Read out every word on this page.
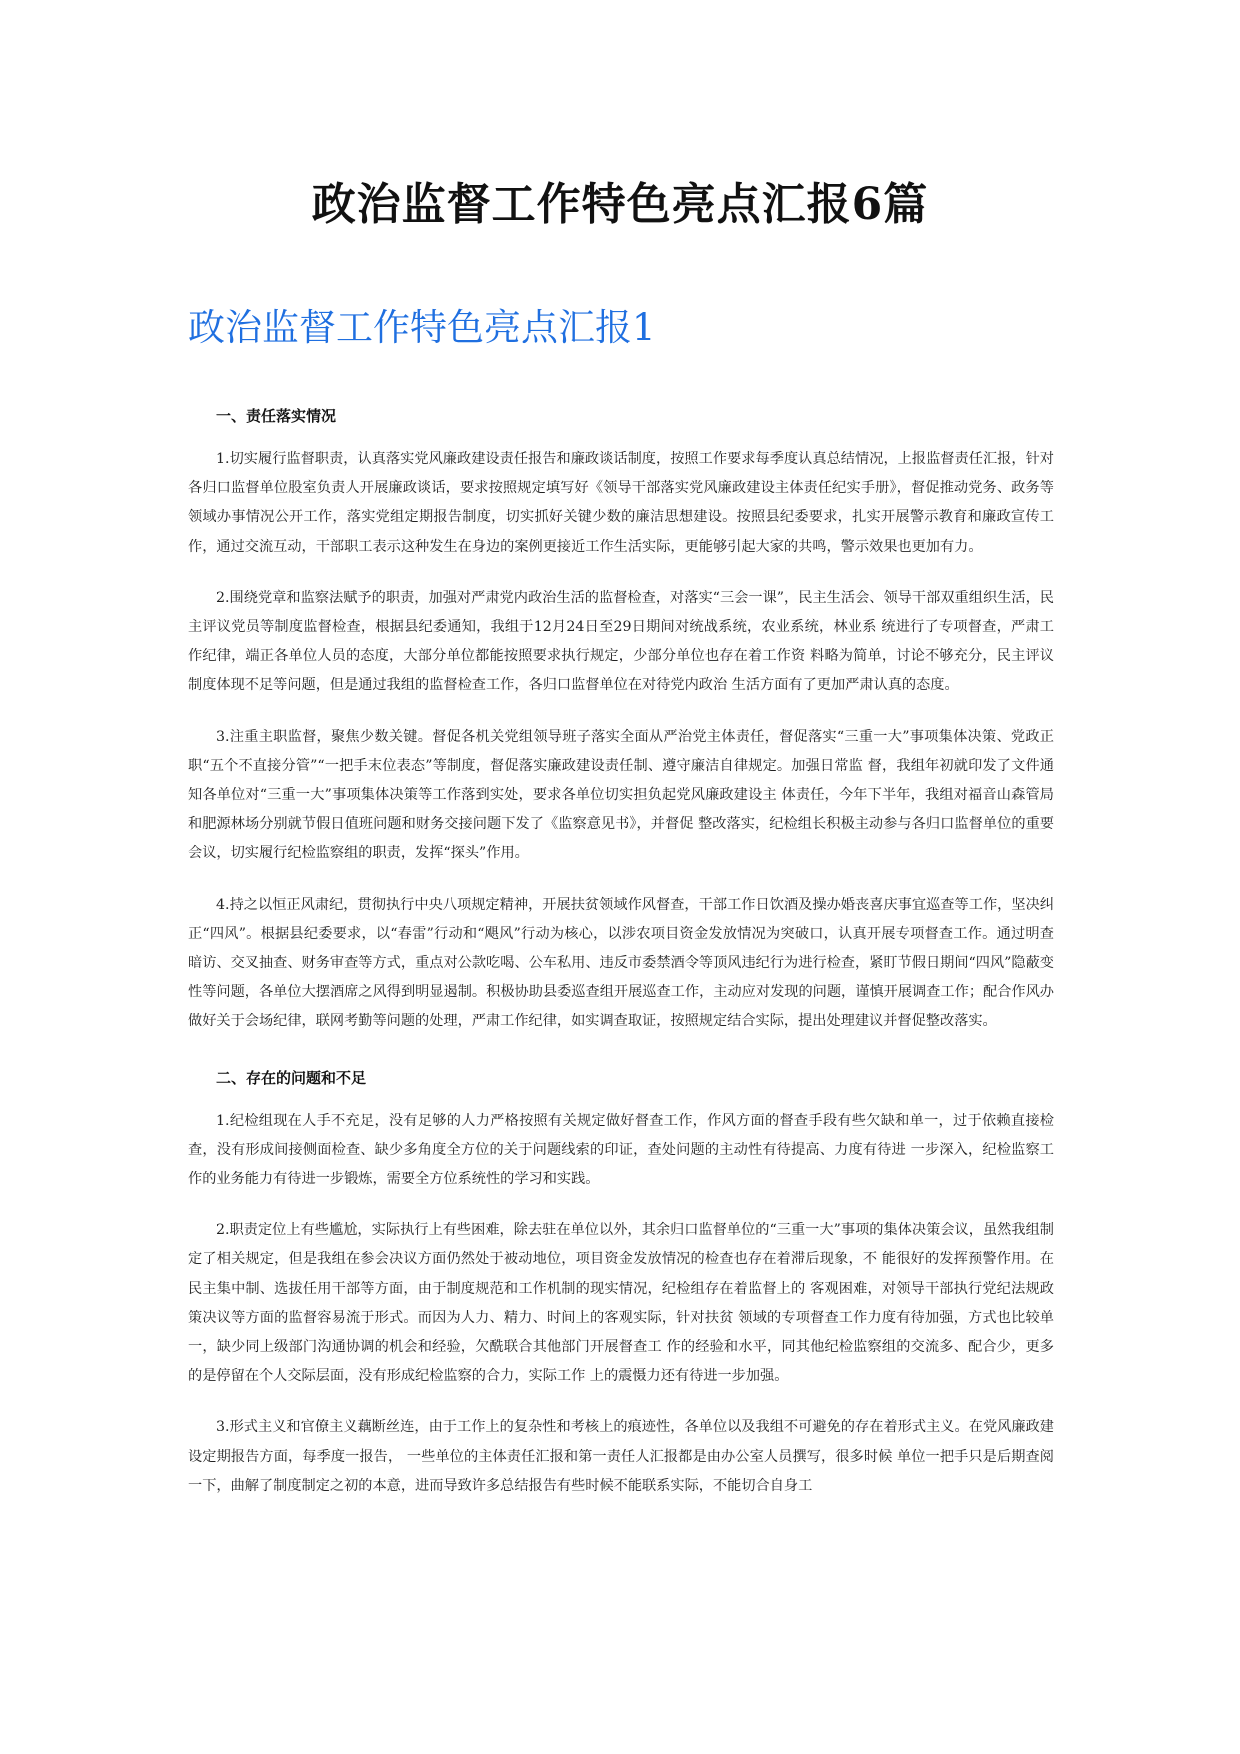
政治监督工作特色亮点汇报6篇
政治监督工作特色亮点汇报1
一、责任落实情况

1.切实履行监督职责，认真落实党风廉政建设责任报告和廉政谈话制度，按照工作要求每季度认真总结情况，上报监督责任汇报，针对各归口监督单位股室负责人开展廉政谈话，要求按照规定填写好《领导干部落实党风廉政建设主体责任纪实手册》，督促推动党务、政务等领域办事情况公开工作，落实党组定期报告制度，切实抓好关键少数的廉洁思想建设。按照县纪委要求，扎实开展警示教育和廉政宣传工作，通过交流互动，干部职工表示这种发生在身边的案例更接近工作生活实际，更能够引起大家的共鸣，警示效果也更加有力。

2.围绕党章和监察法赋予的职责，加强对严肃党内政治生活的监督检查，对落实“三会一课”，民主生活会、领导干部双重组织生活，民主评议党员等制度监督检查，根据县纪委通知，我组于12月24日至29日期间对统战系统，农业系统，林业系 统进行了专项督查，严肃工作纪律，端正各单位人员的态度，大部分单位都能按照要求执行规定，少部分单位也存在着工作资 料略为简单，讨论不够充分，民主评议制度体现不足等问题，但是通过我组的监督检查工作，各归口监督单位在对待党内政治 生活方面有了更加严肃认真的态度。

3.注重主职监督，聚焦少数关键。督促各机关党组领导班子落实全面从严治党主体责任，督促落实“三重一大”事项集体决策、党政正职“五个不直接分管”“一把手末位表态”等制度，督促落实廉政建设责任制、遵守廉洁自律规定。加强日常监 督，我组年初就印发了文件通知各单位对“三重一大”事项集体决策等工作落到实处，要求各单位切实担负起党风廉政建设主 体责任，今年下半年，我组对福音山森管局和肥源林场分别就节假日值班问题和财务交接问题下发了《监察意见书》，并督促 整改落实，纪检组长积极主动参与各归口监督单位的重要会议，切实履行纪检监察组的职责，发挥“探头”作用。

4.持之以恒正风肃纪，贯彻执行中央八项规定精神，开展扶贫领域作风督查，干部工作日饮酒及操办婚丧喜庆事宜巡查等工作，坚决纠正“四风”。根据县纪委要求，以“春雷”行动和“飓风”行动为核心，以涉农项目资金发放情况为突破口，认真开展专项督查工作。通过明查暗访、交叉抽查、财务审查等方式，重点对公款吃喝、公车私用、违反市委禁酒令等顶风违纪行为进行检查，紧盯节假日期间“四风”隐蔽变性等问题，各单位大摆酒席之风得到明显遏制。积极协助县委巡查组开展巡查工作，主动应对发现的问题，谨慎开展调查工作；配合作风办做好关于会场纪律，联网考勤等问题的处理，严肃工作纪律，如实调查取证，按照规定结合实际，提出处理建议并督促整改落实。

二、存在的问题和不足

1.纪检组现在人手不充足，没有足够的人力严格按照有关规定做好督查工作，作风方面的督查手段有些欠缺和单一，过于依赖直接检查，没有形成间接侧面检查、缺少多角度全方位的关于问题线索的印证，查处问题的主动性有待提高、力度有待进 一步深入，纪检监察工作的业务能力有待进一步锻炼，需要全方位系统性的学习和实践。

2.职责定位上有些尴尬，实际执行上有些困难，除去驻在单位以外，其余归口监督单位的“三重一大”事项的集体决策会议，虽然我组制定了相关规定，但是我组在参会决议方面仍然处于被动地位，项目资金发放情况的检查也存在着滞后现象，不 能很好的发挥预警作用。在民主集中制、选拔任用干部等方面，由于制度规范和工作机制的现实情况，纪检组存在着监督上的 客观困难，对领导干部执行党纪法规政策决议等方面的监督容易流于形式。而因为人力、精力、时间上的客观实际，针对扶贫 领域的专项督查工作力度有待加强，方式也比较单一，缺少同上级部门沟通协调的机会和经验，欠酰联合其他部门开展督查工 作的经验和水平，同其他纪检监察组的交流多、配合少，更多的是停留在个人交际层面，没有形成纪检监察的合力，实际工作 上的震慑力还有待进一步加强。

3.形式主义和官僚主义藕断丝连，由于工作上的复杂性和考核上的痕迹性，各单位以及我组不可避免的存在着形式主义。在党风廉政建设定期报告方面，每季度一报告， 一些单位的主体责任汇报和第一责任人汇报都是由办公室人员撰写，很多时候 单位一把手只是后期查阅一下，曲解了制度制定之初的本意，进而导致许多总结报告有些时候不能联系实际，不能切合自身工
